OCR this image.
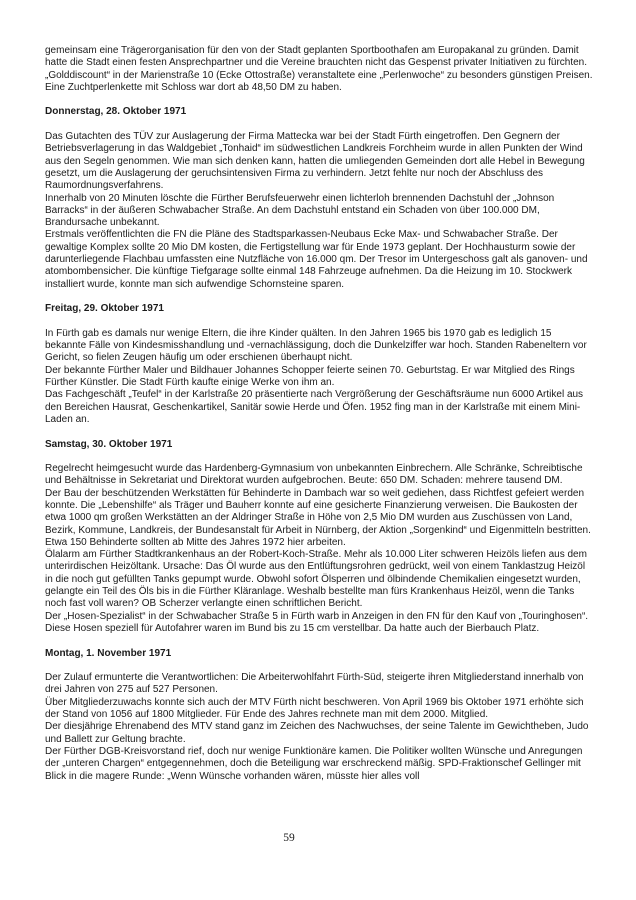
gemeinsam eine Trägerorganisation für den von der Stadt geplanten Sportboothafen am Europakanal zu gründen. Damit hatte die Stadt einen festen Ansprechpartner und die Vereine brauchten nicht das Gespenst privater Initiativen zu fürchten.

„Golddiscount“ in der Marienstraße 10 (Ecke Ottostraße) veranstaltete eine „Perlenwoche“ zu besonders günstigen Preisen. Eine Zuchtperlenkette mit Schloss war dort ab 48,50 DM zu haben.

Donnerstag, 28. Oktober 1971

Das Gutachten des TÜV zur Auslagerung der Firma Mattecka war bei der Stadt Fürth eingetroffen. Den Gegnern der Betriebsverlagerung in das Waldgebiet „Tonhaid“ im südwestlichen Landkreis Forchheim wurde in allen Punkten der Wind aus den Segeln genommen. Wie man sich denken kann, hatten die umliegenden Gemeinden dort alle Hebel in Bewegung gesetzt, um die Auslagerung der geruchsintensiven Firma zu verhindern. Jetzt fehlte nur noch der Abschluss des Raumordnungsverfahrens.

Innerhalb von 20 Minuten löschte die Fürther Berufsfeuerwehr einen lichterloh brennenden Dachstuhl der „Johnson Barracks“ in der äußeren Schwabacher Straße. An dem Dachstuhl entstand ein Schaden von über 100.000 DM, Brandursache unbekannt.

Erstmals veröffentlichten die FN die Pläne des Stadtsparkassen-Neubaus Ecke Max- und Schwabacher Straße. Der gewaltige Komplex sollte 20 Mio DM kosten, die Fertigstellung war für Ende 1973 geplant. Der Hochhausturm sowie der darunterliegende Flachbau umfassten eine Nutzfläche von 16.000 qm. Der Tresor im Untergeschoss galt als ganoven- und atombombensicher. Die künftige Tiefgarage sollte einmal 148 Fahrzeuge aufnehmen. Da die Heizung im 10. Stockwerk installiert wurde, konnte man sich aufwendige Schornsteine sparen.

Freitag, 29. Oktober 1971

In Fürth gab es damals nur wenige Eltern, die ihre Kinder quälten. In den Jahren 1965 bis 1970 gab es lediglich 15 bekannte Fälle von Kindesmisshandlung und -vernachlässigung, doch die Dunkelziffer war hoch. Standen Rabeneltern vor Gericht, so fielen Zeugen häufig um oder erschienen überhaupt nicht.

Der bekannte Fürther Maler und Bildhauer Johannes Schopper feierte seinen 70. Geburtstag. Er war Mitglied des Rings Fürther Künstler. Die Stadt Fürth kaufte einige Werke von ihm an.

Das Fachgeschäft „Teufel“ in der Karlstraße 20 präsentierte nach Vergrößerung der Geschäftsräume nun 6000 Artikel aus den Bereichen Hausrat, Geschenkartikel, Sanitär sowie Herde und Öfen. 1952 fing man in der Karlstraße mit einem Mini-Laden an.

Samstag, 30. Oktober 1971

Regelrecht heimgesucht wurde das Hardenberg-Gymnasium von unbekannten Einbrechern. Alle Schränke, Schreibtische und Behältnisse in Sekretariat und Direktorat wurden aufgebrochen. Beute: 650 DM. Schaden: mehrere tausend DM.

Der Bau der beschützenden Werkstätten für Behinderte in Dambach war so weit gediehen, dass Richtfest gefeiert werden konnte. Die „Lebenshilfe“ als Träger und Bauherr konnte auf eine gesicherte Finanzierung verweisen. Die Baukosten der etwa 1000 qm großen Werkstätten an der Aldringer Straße in Höhe von 2,5 Mio DM wurden aus Zuschüssen von Land, Bezirk, Kommune, Landkreis, der Bundesanstalt für Arbeit in Nürnberg, der Aktion „Sorgenkind“ und Eigenmitteln bestritten. Etwa 150 Behinderte sollten ab Mitte des Jahres 1972 hier arbeiten.

Ölalarm am Fürther Stadtkrankenhaus an der Robert-Koch-Straße. Mehr als 10.000 Liter schweren Heizöls liefen aus dem unterirdischen Heizöltank. Ursache: Das Öl wurde aus den Entlüftungsrohren gedrückt, weil von einem Tanklastzug Heizöl in die noch gut gefüllten Tanks gepumpt wurde. Obwohl sofort Ölsperren und ölbindende Chemikalien eingesetzt wurden, gelangte ein Teil des Öls bis in die Fürther Kläranlage. Weshalb bestellte man fürs Krankenhaus Heizöl, wenn die Tanks noch fast voll waren? OB Scherzer verlangte einen schriftlichen Bericht.

Der „Hosen-Spezialist“ in der Schwabacher Straße 5 in Fürth warb in Anzeigen in den FN für den Kauf von „Touringhosen“. Diese Hosen speziell für Autofahrer waren im Bund bis zu 15 cm verstellbar. Da hatte auch der Bierbauch Platz.

Montag, 1. November 1971

Der Zulauf ermunterte die Verantwortlichen: Die Arbeiterwohlfahrt Fürth-Süd, steigerte ihren Mitgliederstand innerhalb von drei Jahren von 275 auf 527 Personen.

Über Mitgliederzuwachs konnte sich auch der MTV Fürth nicht beschweren. Von April 1969 bis Oktober 1971 erhöhte sich der Stand von 1056 auf 1800 Mitglieder. Für Ende des Jahres rechnete man mit dem 2000. Mitglied.

Der diesjährige Ehrenabend des MTV stand ganz im Zeichen des Nachwuchses, der seine Talente im Gewichtheben, Judo und Ballett zur Geltung brachte.

Der Fürther DGB-Kreisvorstand rief, doch nur wenige Funktionäre kamen. Die Politiker wollten Wünsche und Anregungen der „unteren Chargen“ entgegennehmen, doch die Beteiligung war erschreckend mäßig. SPD-Fraktionschef Gellinger mit Blick in die magere Runde: „Wenn Wünsche vorhanden wären, müsste hier alles voll

59
